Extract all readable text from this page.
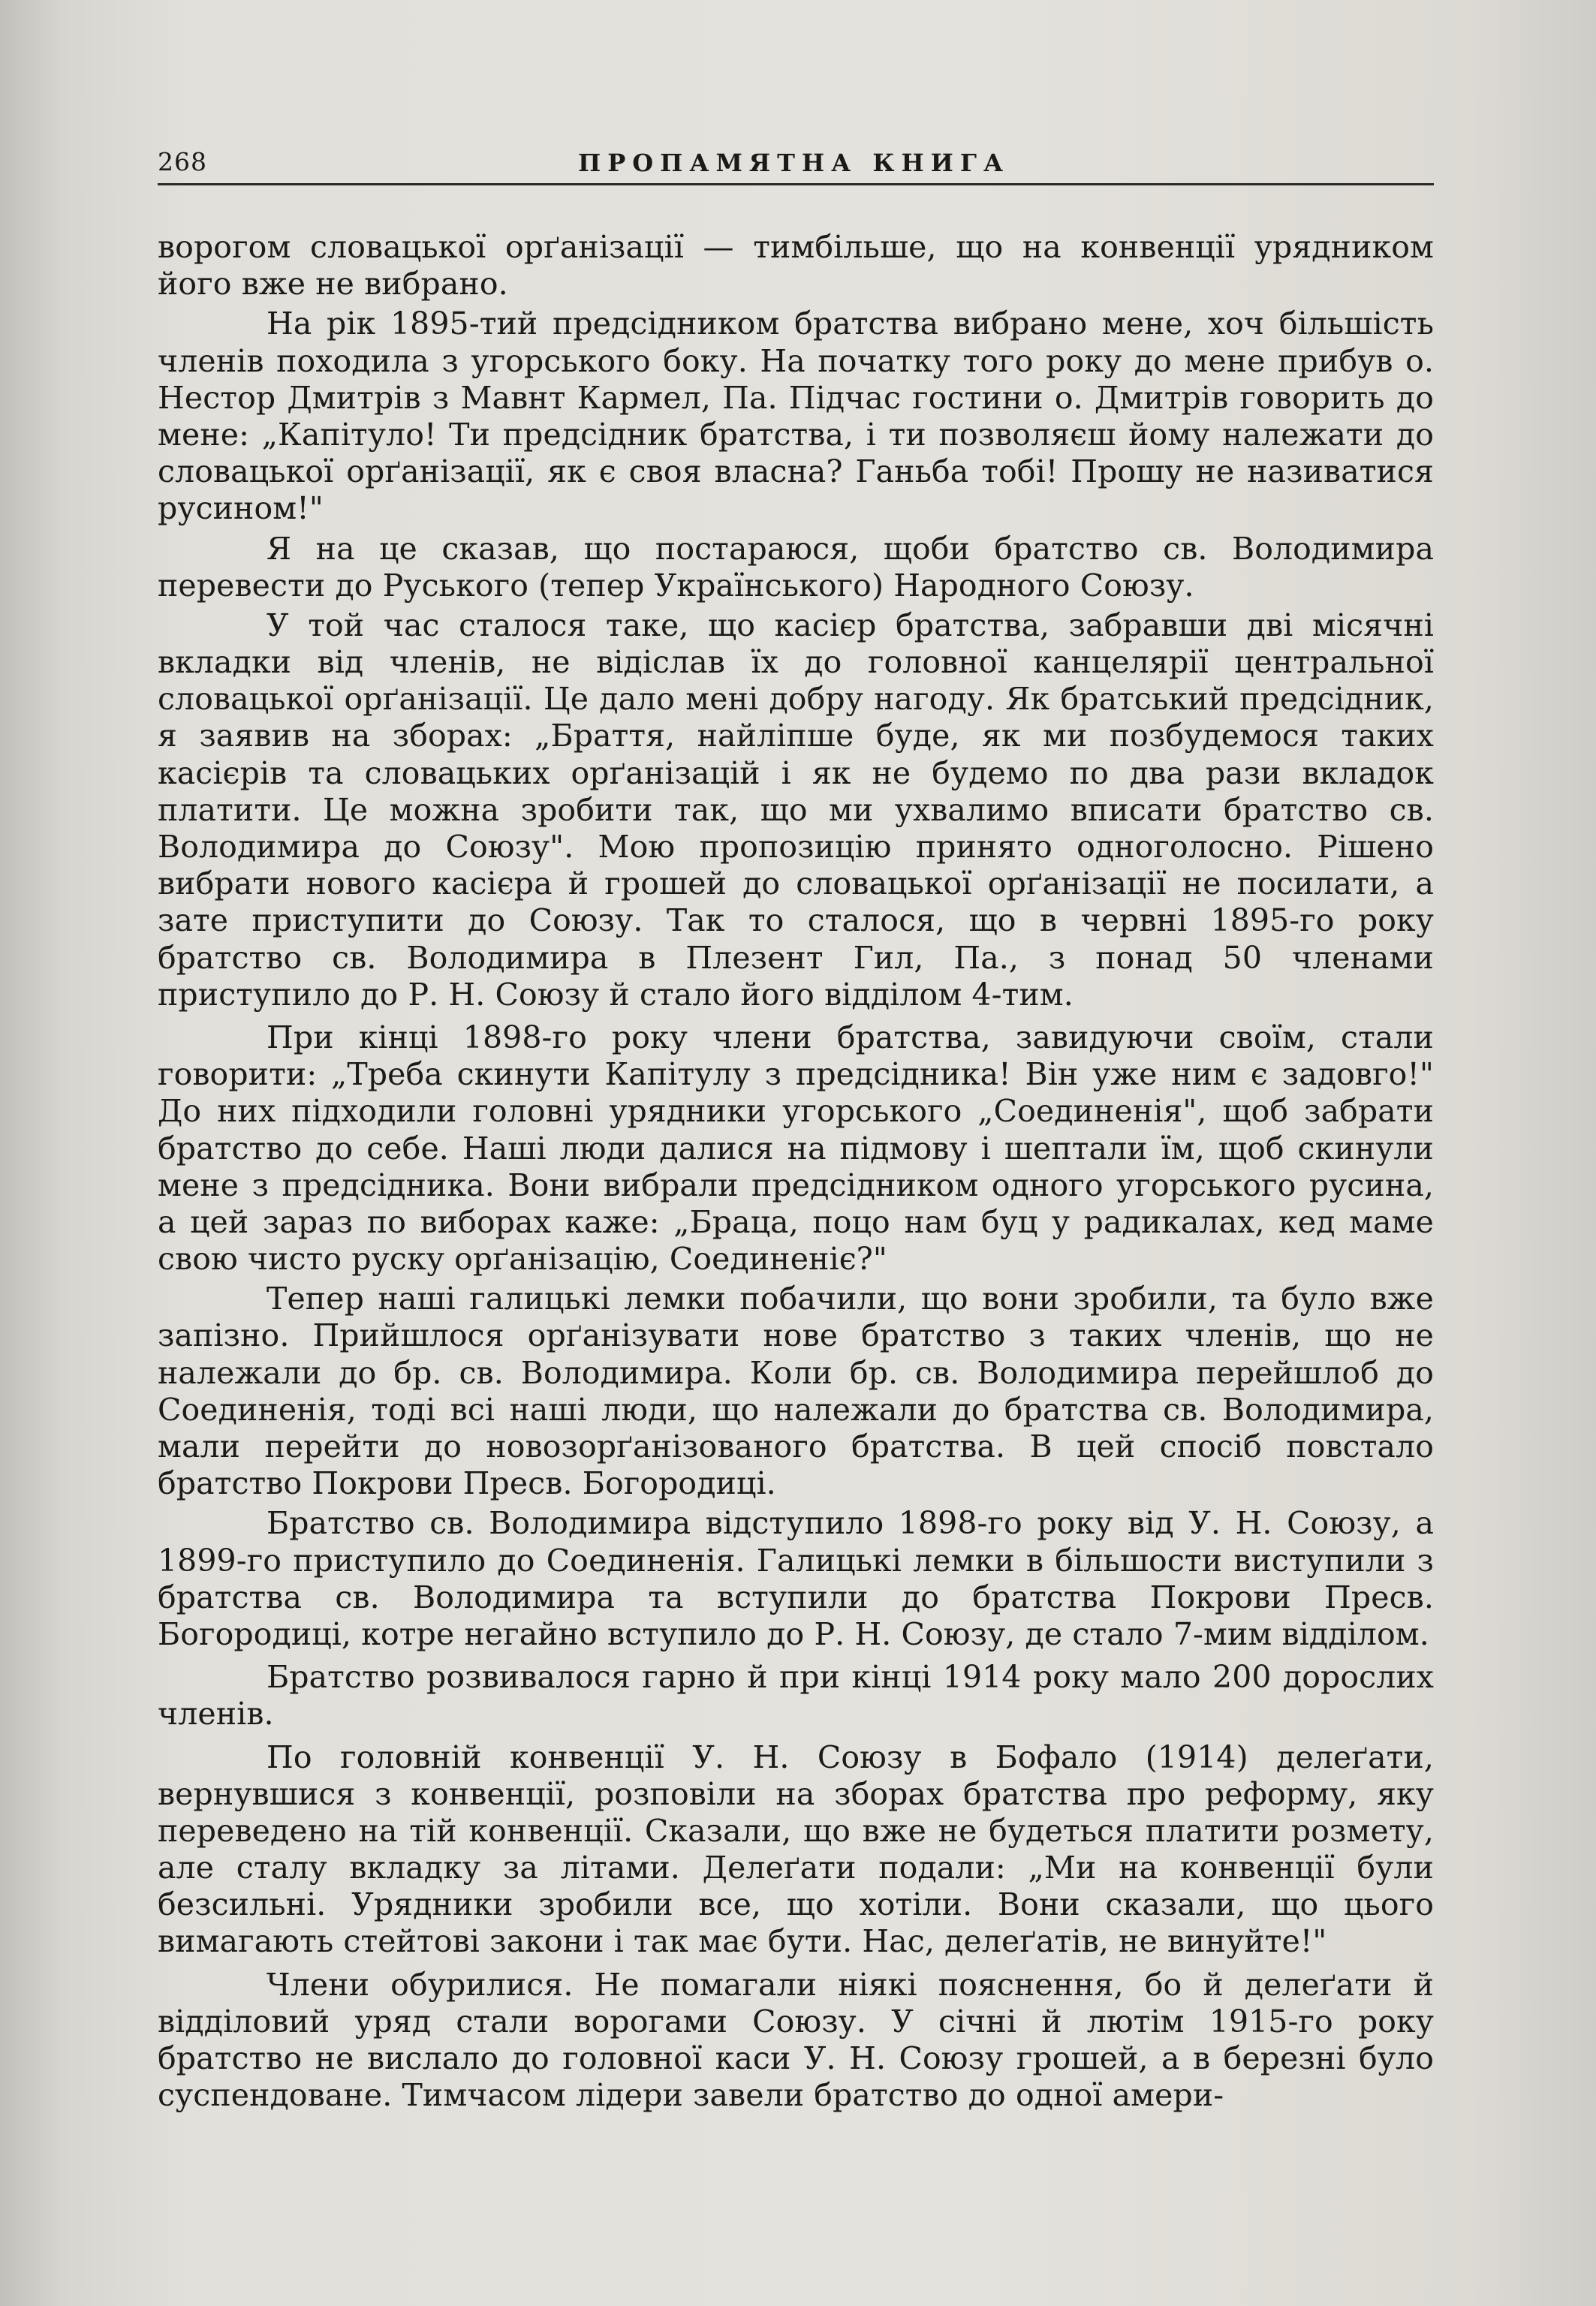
268	ПРОПАМЯТНА КНИГА

ворогом словацької орґанізації — тимбільше, що на конвенції урядником його вже не вибрано.

На рік 1895-тий предсідником братства вибрано мене, хоч більшість членів походила з угорського боку. На початку того року до мене прибув о. Нестор Дмитрів з Мавнт Кармел, Па. Підчас гостини о. Дмитрів говорить до мене: „Капітуло! Ти предсідник братства, і ти позволяєш йому належати до словацької орґанізації, як є своя власна? Ганьба тобі! Прошу не називатися русином!"

Я на це сказав, що постараюся, щоби братство св. Володимира перевести до Руського (тепер Українського) Народного Союзу.

У той час сталося таке, що касієр братства, забравши дві місячні вкладки від членів, не відіслав їх до головної канцелярії центральної словацької орґанізації. Це дало мені добру нагоду. Як братський предсідник, я заявив на зборах: „Браття, найліпше буде, як ми позбудемося таких касієрів та словацьких орґанізацій і як не будемо по два рази вкладок платити. Це можна зробити так, що ми ухвалимо вписати братство св. Володимира до Союзу". Мою пропозицію принято одноголосно. Рішено вибрати нового касієра й грошей до словацької орґанізації не посилати, а зате приступити до Союзу. Так то сталося, що в червні 1895-го року братство св. Володимира в Плезент Гил, Па., з понад 50 членами приступило до Р. Н. Союзу й стало його відділом 4-тим.

При кінці 1898-го року члени братства, завидуючи своїм, стали говорити: „Треба скинути Капітулу з предсідника! Він уже ним є задовго!" До них підходили головні урядники угорського „Соединенія", щоб забрати братство до себе. Наші люди далися на підмову і шептали їм, щоб скинули мене з предсідника. Вони вибрали предсідником одного угорського русина, а цей зараз по виборах каже: „Браца, поцо нам буц у радикалах, кед маме свою чисто руску орґанізацію, Соединеніє?"

Тепер наші галицькі лемки побачили, що вони зробили, та було вже запізно. Прийшлося орґанізувати нове братство з таких членів, що не належали до бр. св. Володимира. Коли бр. св. Володимира перейшлоб до Соединенія, тоді всі наші люди, що належали до братства св. Володимира, мали перейти до новозорґанізованого братства. В цей спосіб повстало братство Покрови Пресв. Богородиці.

Братство св. Володимира відступило 1898-го року від У. Н. Союзу, а 1899-го приступило до Соединенія. Галицькі лемки в більшости виступили з братства св. Володимира та вступили до братства Покрови Пресв. Богородиці, котре негайно вступило до Р. Н. Союзу, де стало 7-мим відділом.

Братство розвивалося гарно й при кінці 1914 року мало 200 дорослих членів.

По головній конвенції У. Н. Союзу в Бофало (1914) делеґати, вернувшися з конвенції, розповіли на зборах братства про реформу, яку переведено на тій конвенції. Сказали, що вже не будеться платити розмету, але сталу вкладку за літами. Делеґати подали: „Ми на конвенції були безсильні. Урядники зробили все, що хотіли. Вони сказали, що цього вимагають стейтові закони і так має бути. Нас, делеґатів, не винуйте!"

Члени обурилися. Не помагали ніякі пояснення, бо й делеґати й відділовий уряд стали ворогами Союзу. У січні й лютім 1915-го року братство не вислало до головної каси У. Н. Союзу грошей, а в березні було суспендоване. Тимчасом лідери завели братство до одної амери-
